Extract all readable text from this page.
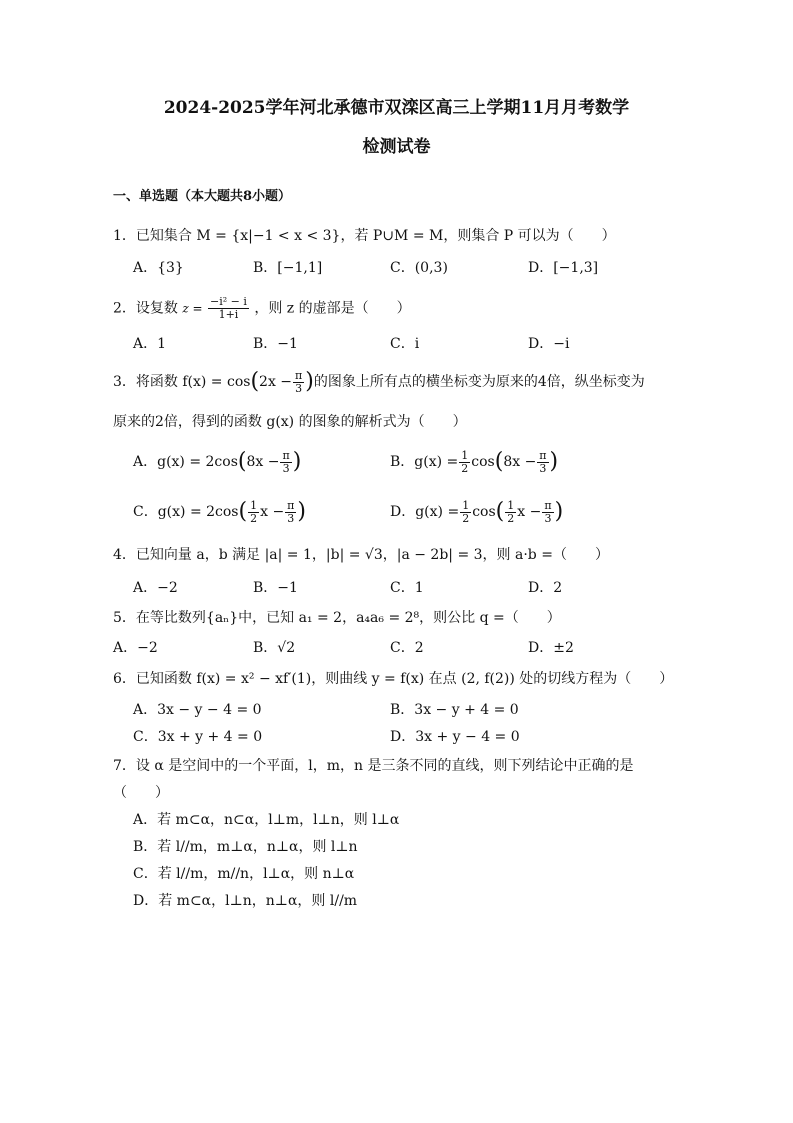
2024-2025学年河北承德市双滦区高三上学期11月月考数学
检测试卷
一、单选题（本大题共8小题）
1．已知集合 M = {x|−1 < x < 3}，若 P∪M = M，则集合 P 可以为（　　）
A．{3}	B．[−1,1]	C．(0,3)	D．[−1,3]
2．设复数 $z = \frac{\text{−i² − i}}{1+i}$ ，则 z 的虚部是（　　）
A．1	B．−1	C．i	D．−i
3．将函数 $f(x) = \cos(2x - \frac{\pi}{3}$ )的图象上所有点的横坐标变为原来的4倍，纵坐标变为
原来的2倍，得到的函数 g(x) 的图象的解析式为（　　）
A．$g(x) = 2\cos(8x - \frac{\pi}{3}$ )	B．$g(x) = \frac{1}{2} \cos(8x - \frac{\pi}{3}$ )
C．$g(x) = 2\cos( \frac{1}{2}$ $x - \frac{\pi}{3}$ )	D．$g(x) = \frac{1}{2} \cos( \frac{1}{2}$ $x - \frac{\pi}{3}$ )
4．已知向量 a，b 满足 |a| = 1，|b| = √3，|a − 2b| = 3，则 a·b =（　　）
A．−2	B．−1	C．1	D．2
5．在等比数列{aₙ}中，已知 a₁ = 2，a₄a₆ = 2⁸，则公比 q =（　　）
A．−2	B．√2	C．2	D．±2
6．已知函数 f(x) = x² − xf′(1)，则曲线 y = f(x) 在点 (2, f(2)) 处的切线方程为（　　）
A．3x − y − 4 = 0	B．3x − y + 4 = 0
C．3x + y + 4 = 0	D．3x + y − 4 = 0
7．设 α 是空间中的一个平面，l，m，n 是三条不同的直线，则下列结论中正确的是
（　　）
A．若 m⊂α，n⊂α，l⊥m，l⊥n，则 l⊥α
B．若 l//m，m⊥α，n⊥α，则 l⊥n
C．若 l//m，m//n，l⊥α，则 n⊥α
D．若 m⊂α，l⊥n，n⊥α，则 l//m
